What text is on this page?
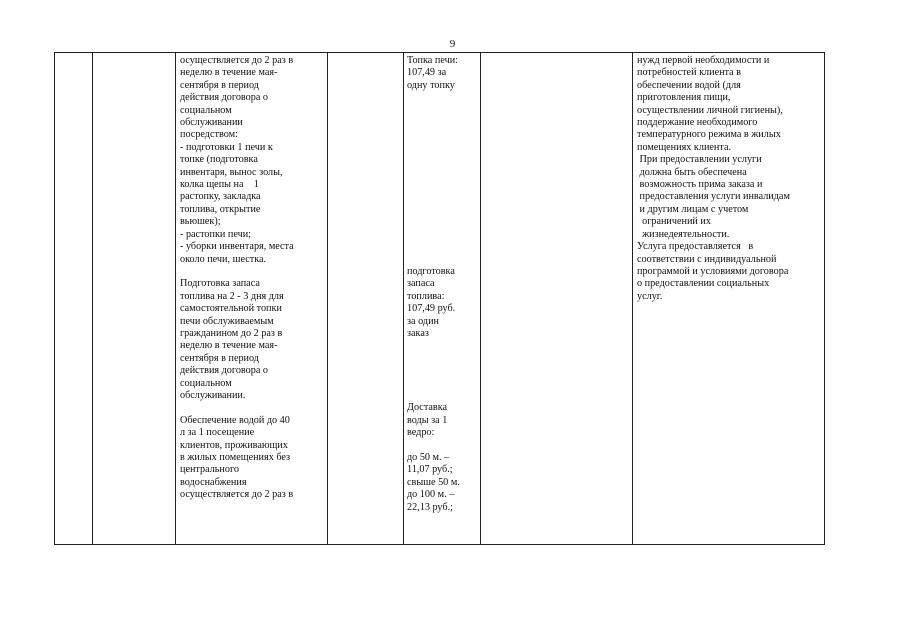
9
осуществляется до 2 раз в
неделю в течение мая-
сентября в период
действия договора о
социальном
обслуживании
посредством:
- подготовки 1 печи к
топке (подготовка
инвентаря, вынос золы,
колка щепы на    1
растопку, закладка
топлива, открытие
вьюшек);
- растопки печи;
- уборки инвентаря, места
около печи, шестка.

Подготовка запаса
топлива на 2 - 3 дня для
самостоятельной топки
печи обслуживаемым
гражданином до 2 раз в
неделю в течение мая-
сентября в период
действия договора о
социальном
обслуживании.

Обеспечение водой до 40
л за 1 посещение
клиентов, проживающих
в жилых помещениях без
центрального
водоснабжения
осуществляется до 2 раз в
Топка печи:
107,49 за
одну топку

подготовка
запаса
топлива:
107,49 руб.
за один
заказ

Доставка
воды за 1
ведро:

до 50 м. –
11,07 руб.;
свыше 50 м.
до 100 м. –
22,13 руб.;
нужд первой необходимости и
потребностей клиента в
обеспечении водой (для
приготовления пищи,
осуществлении личной гигиены),
поддержание необходимого
температурного режима в жилых
помещениях клиента.
При предоставлении услуги
должна быть обеспечена
возможность прима заказа и
предоставления услуги инвалидам
и другим лицам с учетом
ограничений их
жизнедеятельности.
Услуга предоставляется   в
соответствии с индивидуальной
программой и условиями договора
о предоставлении социальных
услуг.
